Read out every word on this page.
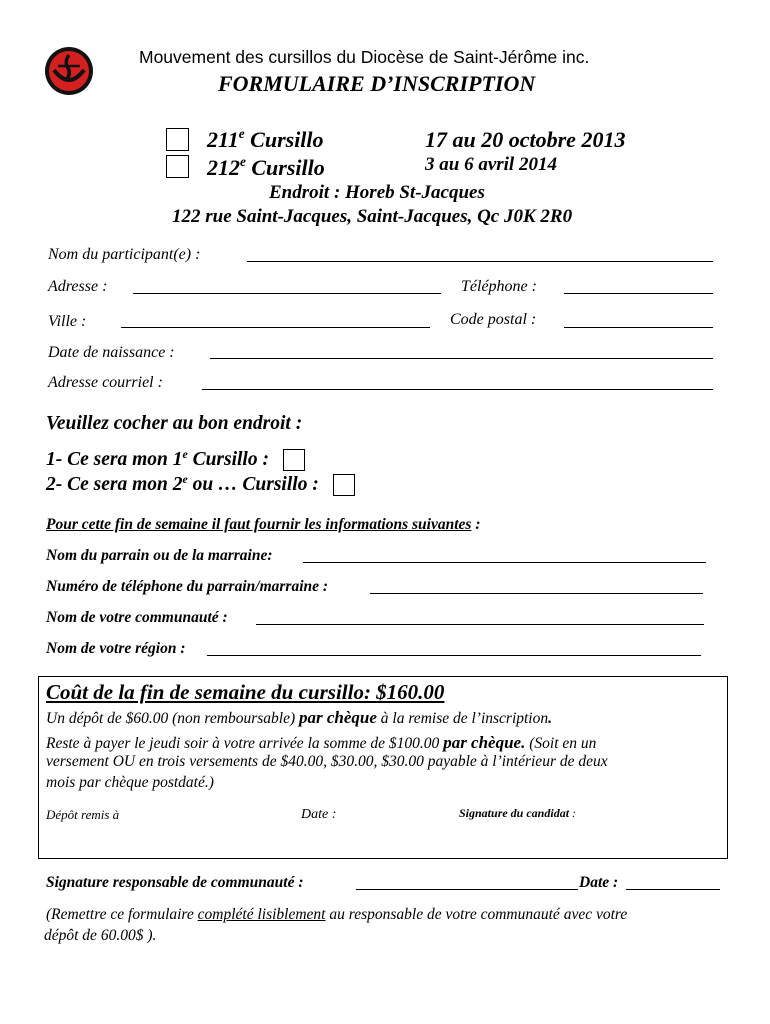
Mouvement des cursillos du Diocèse de Saint-Jérôme inc.
FORMULAIRE D’INSCRIPTION
211e Cursillo	17 au 20 octobre 2013
212e Cursillo	3 au 6 avril 2014
Endroit : Horeb St-Jacques
122 rue Saint-Jacques, Saint-Jacques, Qc J0K 2R0
Nom du participant(e) :
Adresse :	Téléphone :
Ville :	Code postal :
Date de naissance :
Adresse courriel :
Veuillez cocher au bon endroit :
1- Ce sera mon 1e Cursillo :
2- Ce sera mon 2e ou … Cursillo :
Pour cette fin de semaine il faut fournir les informations suivantes :
Nom du parrain ou de la marraine:
Numéro de téléphone du parrain/marraine :
Nom de votre communauté :
Nom de votre région :
Coût de la fin de semaine du cursillo: $160.00
Un dépôt de $60.00 (non remboursable) par chèque à la remise de l’inscription.
Reste à payer le jeudi soir à votre arrivée la somme de $100.00 par chèque. (Soit en un
versement OU en trois versements de $40.00, $30.00, $30.00 payable à l’intérieur de deux
mois par chèque postdaté.)
Dépôt remis à	Date :	Signature du candidat :
Signature responsable de communauté :	Date :
(Remettre ce formulaire complété lisiblement au responsable de votre communauté avec votre
dépôt de 60.00$ ).
